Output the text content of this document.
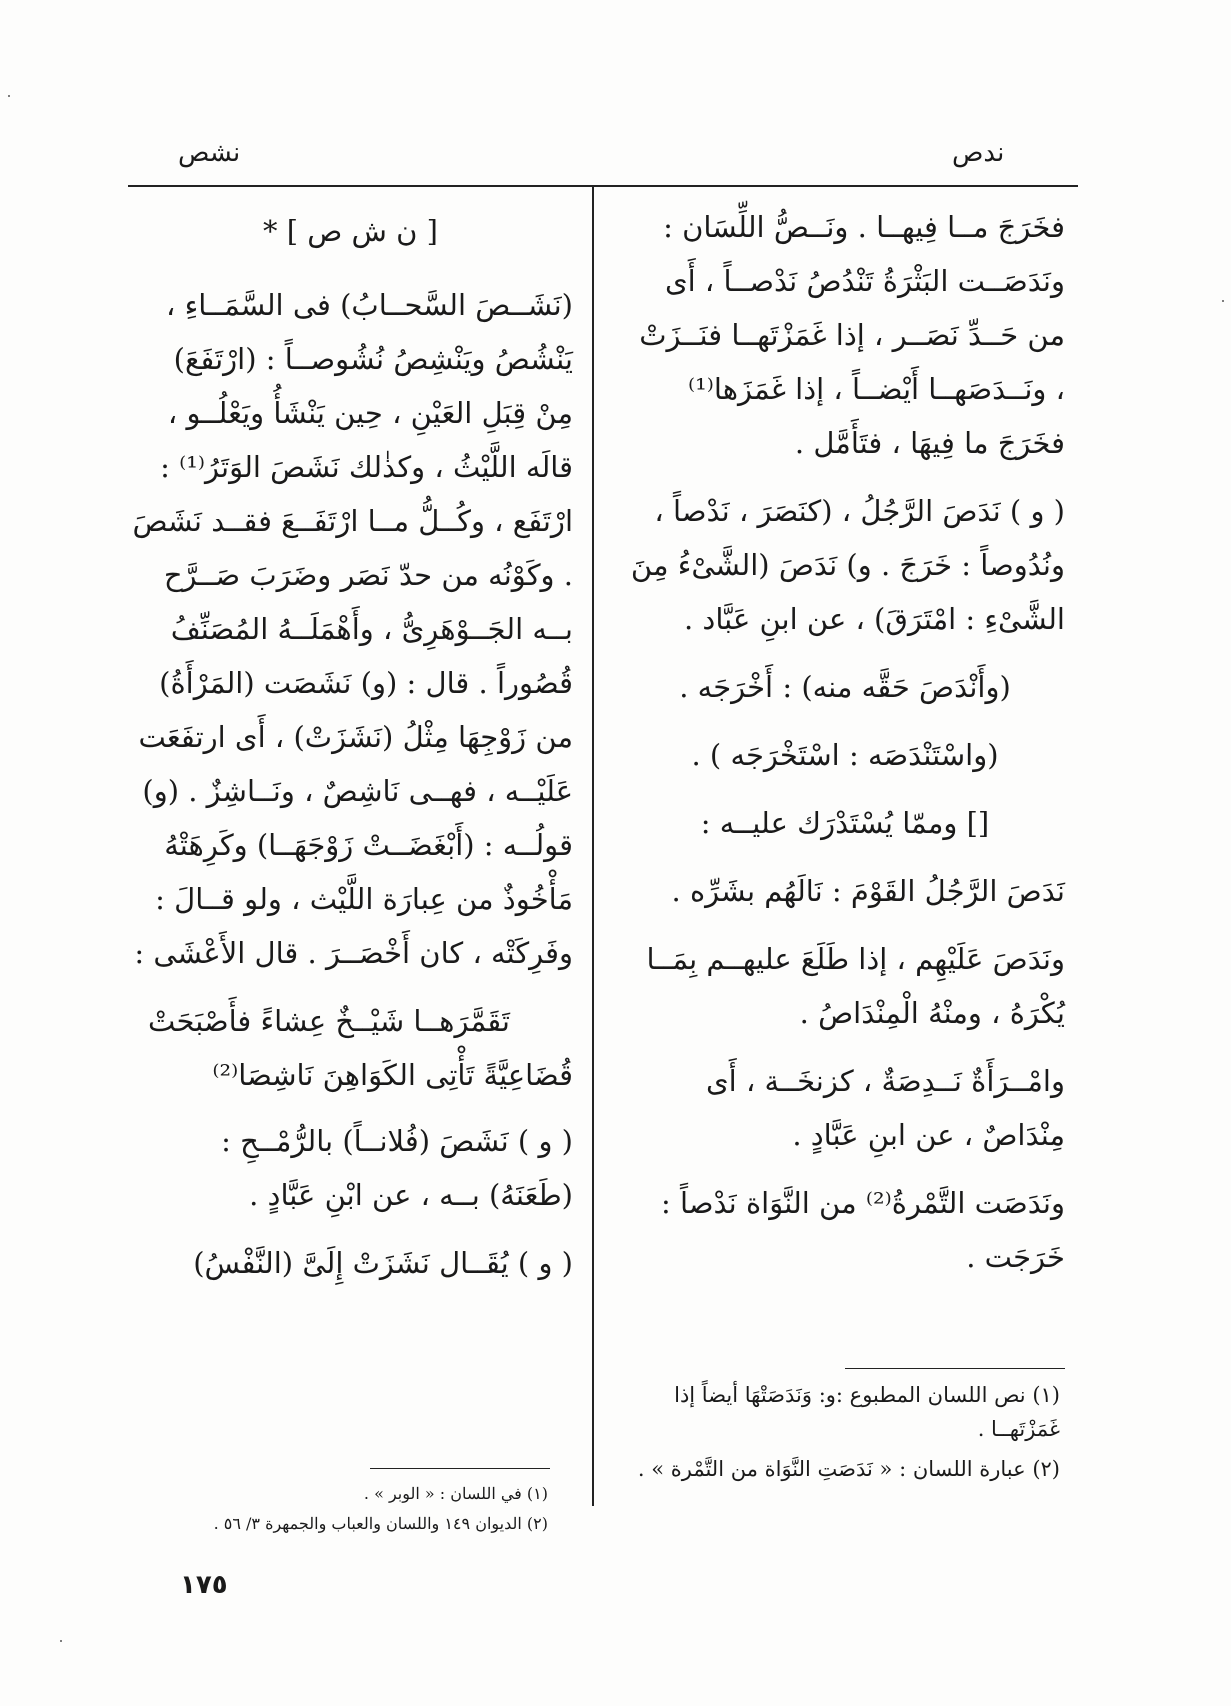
نشص	ندص

فخَرَجَ مــا فِيهــا . ونَــصُّ اللِّسَان : ونَدَصَــت البَثْرَةُ تَنْدُصُ نَدْصــاً ، أَى من حَــدِّ نَصَــر ، إذا غَمَزْتَهــا فنَــزَتْ ، ونَــدَصَهــا أَيْضــاً ، إذا غَمَزَها⁽¹⁾ فخَرَجَ ما فِيهَا ، فتَأَمَّل .

( و ) نَدَصَ الرَّجُلُ ، (كنَصَرَ ، نَدْصاً ، ونُدُوصاً : خَرَجَ . و) نَدَصَ (الشَّىْءُ مِنَ الشَّىْءِ : امْتَرَقَ) ، عن ابنِ عَبَّاد .

(وأَنْدَصَ حَقَّه منه) : أَخْرَجَه .

(واسْتَنْدَصَه : اسْتَخْرَجَه ) .

[] وممّا يُسْتَدْرَك عليــه :

نَدَصَ الرَّجُلُ القَوْمَ : نَالَهُم بشَرِّه .

ونَدَصَ عَلَيْهِم ، إذا طَلَعَ عليهــم بِمَــا يُكْرَهُ ، ومنْهُ الْمِنْدَاصُ .

وامْــرَأَةٌ نَــدِصَةٌ ، كزنخَــة ، أَى مِنْدَاصٌ ، عن ابنِ عَبَّادٍ .

ونَدَصَت التَّمْرةُ⁽²⁾ من النَّوَاة نَدْصاً : خَرَجَت .

[ ن ش ص ] *

(نَشَــصَ السَّحــابُ) فى السَّمَــاءِ ، يَنْشُصُ ويَنْشِصُ نُشُوصــاً : (ارْتَفَعَ) مِنْ قِبَلِ العَيْنِ ، حِين يَنْشَأُ ويَعْلُــو ، قالَه اللَّيْثُ ، وكذٰلك نَشَصَ الوَتَرُ⁽¹⁾ : ارْتَفَع ، وكُــلُّ مــا ارْتَفَــعَ فقــد نَشَصَ . وكَوْنُه من حدّ نَصَر وضَرَبَ صَــرَّح بــه الجَــوْهَرِىُّ ، وأَهْمَلَــهُ المُصَنِّفُ قُصُوراً . قال : (و) نَشَصَت (المَرْأَةُ) من زَوْجِهَا مِثْلُ (نَشَزَتْ) ، أَى ارتفَعَت عَلَيْــه ، فهــى نَاشِصٌ ، ونَــاشِزٌ . (و) قولُــه : (أَبْغَضَــتْ زَوْجَهَــا) وكَرِهَتْهُ مَأْخُوذٌ من عِبارَة اللَّيْث ، ولو قــالَ : وفَرِكَتْه ، كان أَخْصَــرَ . قال الأَعْشَى :

تَقَمَّرَهــا شَيْــخٌ عِشاءً فأَصْبَحَتْ
قُضَاعِيَّةً تَأْتِى الكَوَاهِنَ نَاشِصَا⁽²⁾

( و ) نَشَصَ (فُلانــاً) بالرُّمْــحِ : (طَعَنَهُ) بــه ، عن ابْنِ عَبَّادٍ .

( و ) يُقَــال نَشَزَتْ إِلَىَّ (النَّفْسُ)

(١) نص اللسان المطبوع :و: وَنَدَصَتْهَا أيضاً إذا غَمَزْتَهــا .

(٢) عبارة اللسان : « نَدَصَتِ النَّوَاة من التَّمْرة » .

(١) في اللسان : « الوبر » .

(٢) الديوان ١٤٩ واللسان والعباب والجمهرة ٣/ ٥٦ .

١٧٥
